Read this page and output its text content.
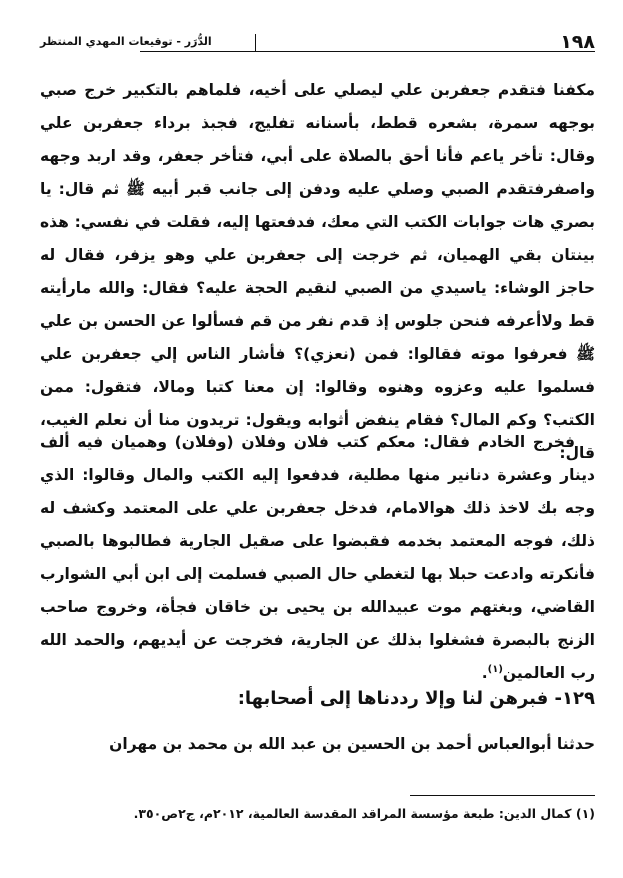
١٩٨
الدُّرَر - توقيعات المهدي المنتظر
مكفنا فتقدم جعفربن علي ليصلي على أخيه، فلماهم بالتكبير خرج صبي بوجهه سمرة، بشعره قطط، بأسنانه تفليج، فجبذ برداء جعفربن علي وقال: تأخر ياعم فأنا أحق بالصلاة على أبي، فتأخر جعفر، وقد اربد وجهه واصفرفتقدم الصبي وصلي عليه ودفن إلى جانب قبر أبيه ﷺ ثم قال: يا بصري هات جوابات الكتب التي معك، فدفعتها إليه، فقلت في نفسي: هذه بينتان بقي الهميان، ثم خرجت إلى جعفربن علي وهو يزفر، فقال له حاجز الوشاء: ياسيدي من الصبي لنقيم الحجة عليه؟ فقال: والله مارأيته قط ولاأعرفه فنحن جلوس إذ قدم نفر من قم فسألوا عن الحسن بن علي ﷺ فعرفوا موته فقالوا: فمن (نعزي)؟ فأشار الناس إلي جعفربن علي فسلموا عليه وعزوه وهنوه وقالوا: إن معنا كتبا ومالا، فتقول: ممن الكتب؟ وكم المال؟ فقام ينفض أثوابه ويقول: تريدون منا أن نعلم الغيب، قال:
فخرج الخادم فقال: معكم كتب فلان وفلان (وفلان) وهميان فيه ألف دينار وعشرة دنانير منها مطلية، فدفعوا إليه الكتب والمال وقالوا: الذي وجه بك لاخذ ذلك هوالامام، فدخل جعفربن علي على المعتمد وكشف له ذلك، فوجه المعتمد بخدمه فقبضوا على صقيل الجارية فطالبوها بالصبي فأنكرته وادعت حبلا بها لتغطي حال الصبي فسلمت إلى ابن أبي الشوارب القاضي، وبغتهم موت عبيدالله بن يحيى بن خاقان فجأة، وخروج صاحب الزنج بالبصرة فشغلوا بذلك عن الجارية، فخرجت عن أيديهم، والحمد الله رب العالمين$^{(١)}$.
١٢٩- فبرهن لنا وإلا رددناها إلى أصحابها:
حدثنا أبوالعباس أحمد بن الحسين بن عبد الله بن محمد بن مهران
(١) كمال الدين: طبعة مؤسسة المراقد المقدسة العالمية، ٢٠١٢م، ج٢ص٣٥٠.
